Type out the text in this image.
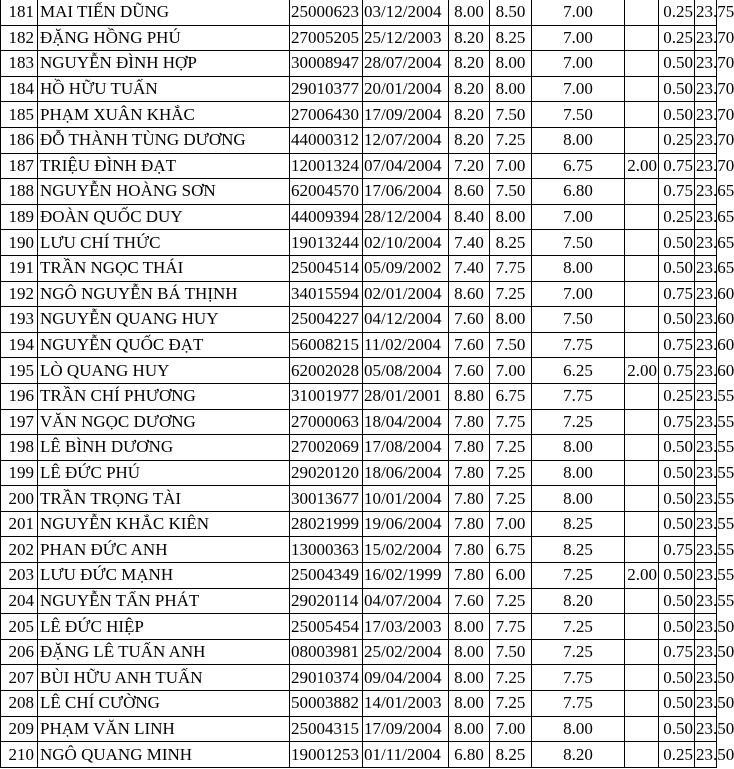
181	MAI TIẾN DŨNG	25000623	03/12/2004	8.00	8.50	7.00		0.25	23.75
182	ĐẶNG HỒNG PHÚ	27005205	25/12/2003	8.20	8.25	7.00		0.25	23.70
183	NGUYỄN ĐÌNH HỢP	30008947	28/07/2004	8.20	8.00	7.00		0.50	23.70
184	HỒ HỮU TUẤN	29010377	20/01/2004	8.20	8.00	7.00		0.50	23.70
185	PHẠM XUÂN KHẮC	27006430	17/09/2004	8.20	7.50	7.50		0.50	23.70
186	ĐỖ THÀNH TÙNG DƯƠNG	44000312	12/07/2004	8.20	7.25	8.00		0.25	23.70
187	TRIỆU ĐÌNH ĐẠT	12001324	07/04/2004	7.20	7.00	6.75	2.00	0.75	23.70
188	NGUYỄN HOÀNG SƠN	62004570	17/06/2004	8.60	7.50	6.80		0.75	23.65
189	ĐOÀN QUỐC DUY	44009394	28/12/2004	8.40	8.00	7.00		0.25	23.65
190	LƯU CHÍ THỨC	19013244	02/10/2004	7.40	8.25	7.50		0.50	23.65
191	TRẦN NGỌC THÁI	25004514	05/09/2002	7.40	7.75	8.00		0.50	23.65
192	NGÔ NGUYỄN BÁ THỊNH	34015594	02/01/2004	8.60	7.25	7.00		0.75	23.60
193	NGUYỄN QUANG HUY	25004227	04/12/2004	7.60	8.00	7.50		0.50	23.60
194	NGUYỄN QUỐC ĐẠT	56008215	11/02/2004	7.60	7.50	7.75		0.75	23.60
195	LÒ QUANG HUY	62002028	05/08/2004	7.60	7.00	6.25	2.00	0.75	23.60
196	TRẦN CHÍ PHƯƠNG	31001977	28/01/2001	8.80	6.75	7.75		0.25	23.55
197	VĂN NGỌC DƯƠNG	27000063	18/04/2004	7.80	7.75	7.25		0.75	23.55
198	LÊ BÌNH DƯƠNG	27002069	17/08/2004	7.80	7.25	8.00		0.50	23.55
199	LÊ ĐỨC PHÚ	29020120	18/06/2004	7.80	7.25	8.00		0.50	23.55
200	TRẦN TRỌNG TÀI	30013677	10/01/2004	7.80	7.25	8.00		0.50	23.55
201	NGUYỄN KHẮC KIÊN	28021999	19/06/2004	7.80	7.00	8.25		0.50	23.55
202	PHAN ĐỨC ANH	13000363	15/02/2004	7.80	6.75	8.25		0.75	23.55
203	LƯU ĐỨC MẠNH	25004349	16/02/1999	7.80	6.00	7.25	2.00	0.50	23.55
204	NGUYỄN TẤN PHÁT	29020114	04/07/2004	7.60	7.25	8.20		0.50	23.55
205	LÊ ĐỨC HIỆP	25005454	17/03/2003	8.00	7.75	7.25		0.50	23.50
206	ĐẶNG LÊ TUẤN ANH	08003981	25/02/2004	8.00	7.50	7.25		0.75	23.50
207	BÙI HỮU ANH TUẤN	29010374	09/04/2004	8.00	7.25	7.75		0.50	23.50
208	LÊ CHÍ CƯỜNG	50003882	14/01/2003	8.00	7.25	7.75		0.50	23.50
209	PHẠM VĂN LINH	25004315	17/09/2004	8.00	7.00	8.00		0.50	23.50
210	NGÔ QUANG MINH	19001253	01/11/2004	6.80	8.25	8.20		0.25	23.50
